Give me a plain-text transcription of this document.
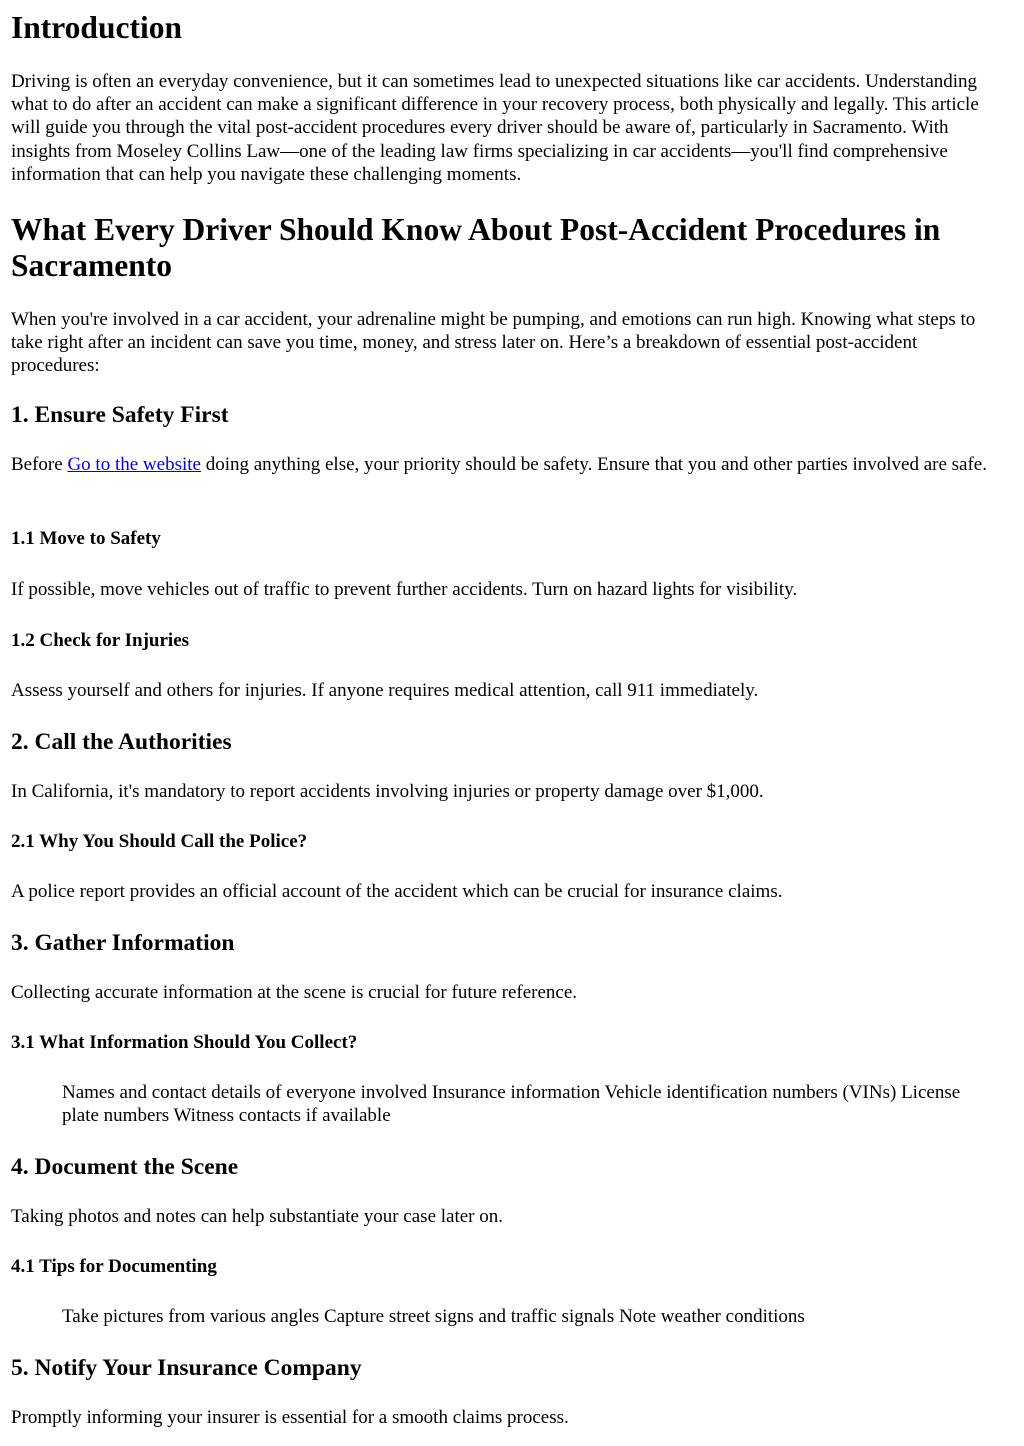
Introduction

Driving is often an everyday convenience, but it can sometimes lead to unexpected situations like car accidents. Understanding what to do after an accident can make a significant difference in your recovery process, both physically and legally. This article will guide you through the vital post-accident procedures every driver should be aware of, particularly in Sacramento. With insights from Moseley Collins Law—one of the leading law firms specializing in car accidents—you'll find comprehensive information that can help you navigate these challenging moments.

What Every Driver Should Know About Post-Accident Procedures in Sacramento

When you're involved in a car accident, your adrenaline might be pumping, and emotions can run high. Knowing what steps to take right after an incident can save you time, money, and stress later on. Here’s a breakdown of essential post-accident procedures:

1. Ensure Safety First

Before Go to the website doing anything else, your priority should be safety. Ensure that you and other parties involved are safe.

1.1 Move to Safety

If possible, move vehicles out of traffic to prevent further accidents. Turn on hazard lights for visibility.

1.2 Check for Injuries

Assess yourself and others for injuries. If anyone requires medical attention, call 911 immediately.

2. Call the Authorities

In California, it's mandatory to report accidents involving injuries or property damage over $1,000.

2.1 Why You Should Call the Police?

A police report provides an official account of the accident which can be crucial for insurance claims.

3. Gather Information

Collecting accurate information at the scene is crucial for future reference.

3.1 What Information Should You Collect?

Names and contact details of everyone involved Insurance information Vehicle identification numbers (VINs) License plate numbers Witness contacts if available

4. Document the Scene

Taking photos and notes can help substantiate your case later on.

4.1 Tips for Documenting

Take pictures from various angles Capture street signs and traffic signals Note weather conditions

5. Notify Your Insurance Company

Promptly informing your insurer is essential for a smooth claims process.
